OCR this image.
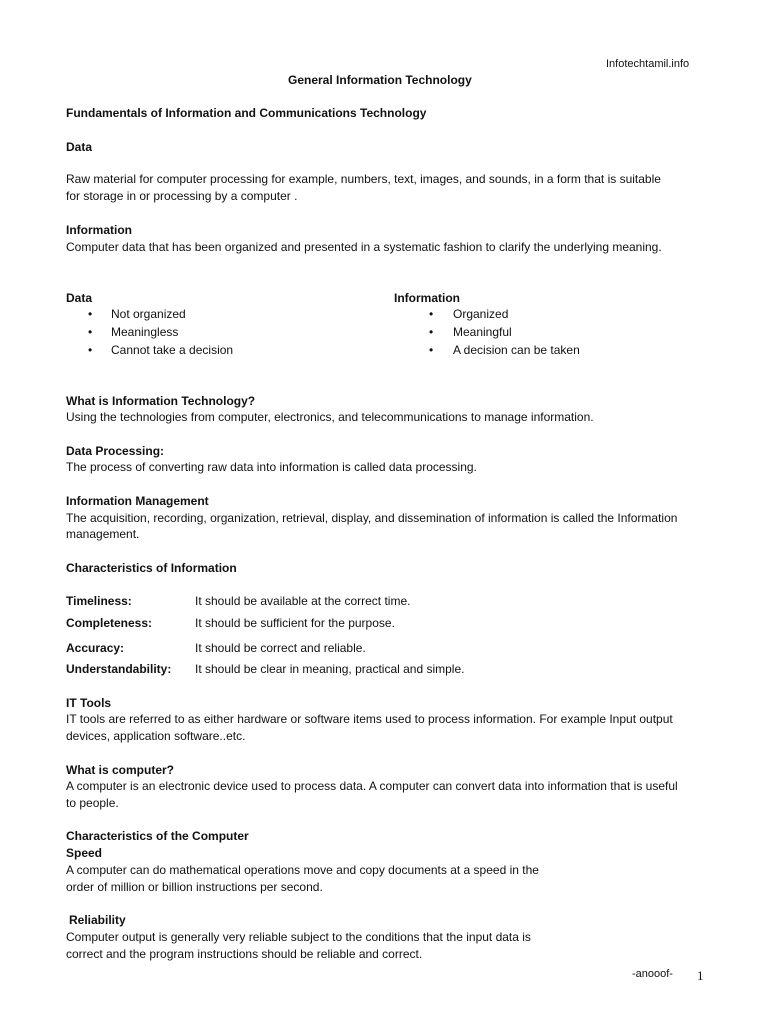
Infotechtamil.info
General Information Technology
Fundamentals of Information and Communications Technology
Data
Raw material for computer processing for example, numbers, text, images, and sounds, in a form that is suitable
for storage in or processing by a computer .
Information
Computer data that has been organized and presented in a systematic fashion to clarify the underlying meaning.
Data
• Not organized
• Meaningless
• Cannot take a decision
Information
• Organized
• Meaningful
• A decision can be taken
What is Information Technology?
Using the technologies from computer, electronics, and telecommunications to manage information.
Data Processing:
The process of converting raw data into information is called data processing.
Information Management
The acquisition, recording, organization, retrieval, display, and dissemination of information is called the Information
management.
Characteristics of Information
Timeliness:	It should be available at the correct time.
Completeness:	It should be sufficient for the purpose.
Accuracy:	It should be correct and reliable.
Understandability: It should be clear in meaning, practical and simple.
IT Tools
IT tools are referred to as either hardware or software items used to process information. For example Input output
devices, application software..etc.
What is computer?
A computer is an electronic device used to process data. A computer can convert data into information that is useful
to people.
Characteristics of the Computer
Speed
A computer can do mathematical operations move and copy documents at a speed in the
order of million or billion instructions per second.
Reliability
Computer output is generally very reliable subject to the conditions that the input data is
correct and the program instructions should be reliable and correct.
-anooof- 1
